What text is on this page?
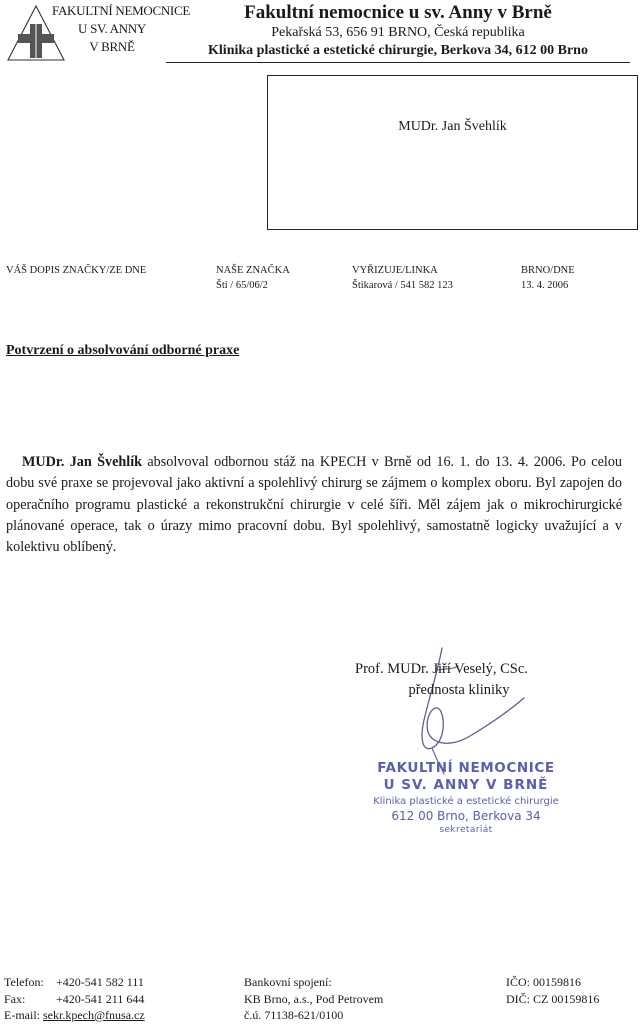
FAKULTNÍ NEMOCNICE
U SV. ANNY
V BRNĚ
Fakultní nemocnice u sv. Anny v Brně
Pekařská 53, 656 91 BRNO, Česká republika
Klinika plastické a estetické chirurgie, Berkova 34, 612 00 Brno
MUDr. Jan Švehlík
VÁŠ DOPIS ZNAČKY/ZE DNE	NAŠE ZNAČKA
Šti / 65/06/2
VYŘIZUJE/LINKA
Štikarová / 541 582 123
BRNO/DNE
13. 4. 2006
Potvrzení o absolvování odborné praxe

MUDr. Jan Švehlík absolvoval odbornou stáž na KPECH v Brně od 16. 1. do 13. 4. 2006. Po celou dobu své praxe se projevoval jako aktivní a spolehlivý chirurg se zájmem o komplex oboru. Byl zapojen do operačního programu plastické a rekonstrukční chirurgie v celé šíři. Měl zájem jak o mikrochirurgické plánované operace, tak o úrazy mimo pracovní dobu. Byl spolehlivý, samostatně logicky uvažující a v kolektivu oblíbený.

Prof. MUDr. Jiří Veselý, CSc.
přednosta kliniky
FAKULTNÍ NEMOCNICE
U SV. ANNY V BRNĚ
Klinika plastické a estetické chirurgie
612 00 Brno, Berkova 34
sekretariát
Telefon: +420-541 582 111
Fax:	+420-541 211 644
E-mail: sekr.kpech@fnusa.cz
Bankovní spojení:
KB Brno, a.s., Pod Petrovem
č.ú. 71138-621/0100
IČO: 00159816
DIČ: CZ 00159816
